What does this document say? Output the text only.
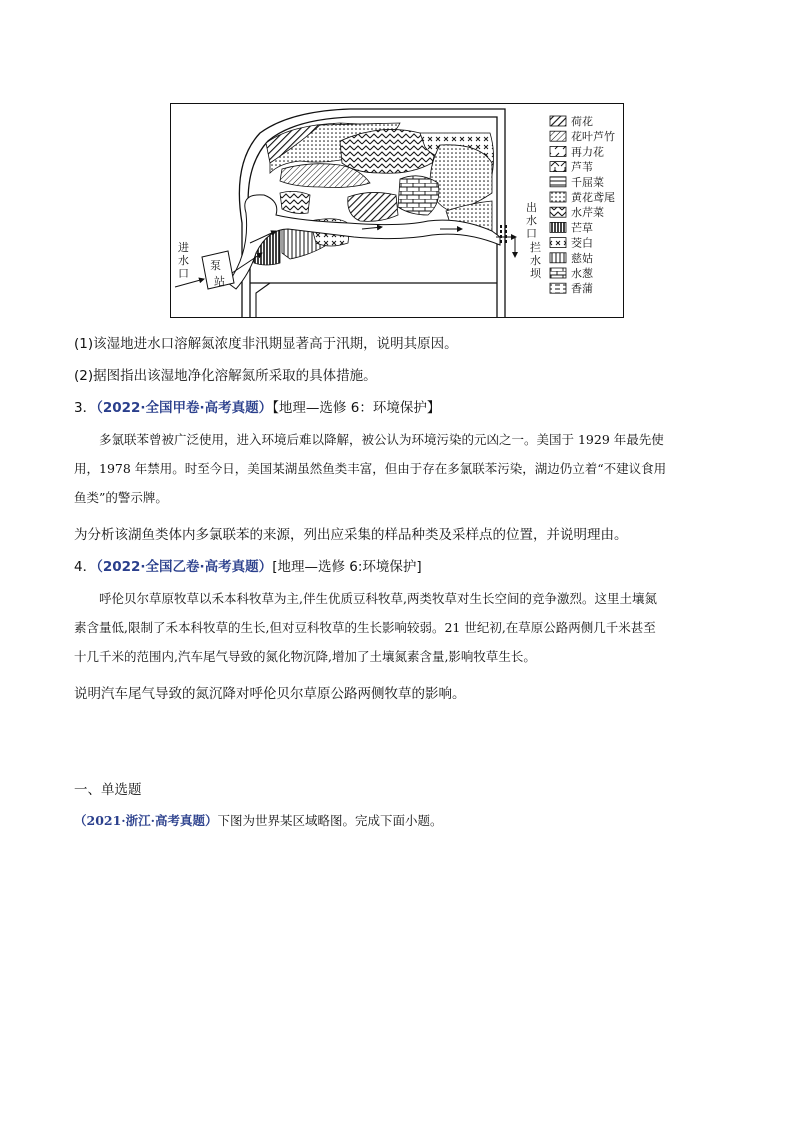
进水口
泵
站
出水口
拦水坝
荷花
花叶芦竹
再力花
芦苇
千屈菜
黄花鸢尾
水芹菜
芒草
茭白
慈姑
水葱
香蒲
(1)该湿地进水口溶解氮浓度非汛期显著高于汛期，说明其原因。
(2)据图指出该湿地净化溶解氮所采取的具体措施。
3．（2022·全国甲卷·高考真题）【地理—选修 6：环境保护】
多氯联苯曾被广泛使用，进入环境后难以降解，被公认为环境污染的元凶之一。美国于 1929 年最先使
用，1978 年禁用。时至今日，美国某湖虽然鱼类丰富，但由于存在多氯联苯污染，湖边仍立着“不建议食用
鱼类”的警示牌。
为分析该湖鱼类体内多氯联苯的来源，列出应采集的样品种类及采样点的位置，并说明理由。
4．（2022·全国乙卷·高考真题）[地理—选修 6:环境保护]
呼伦贝尔草原牧草以禾本科牧草为主,伴生优质豆科牧草,两类牧草对生长空间的竞争激烈。这里土壤氮
素含量低,限制了禾本科牧草的生长,但对豆科牧草的生长影响较弱。21 世纪初,在草原公路两侧几千米甚至
十几千米的范围内,汽车尾气导致的氮化物沉降,增加了土壤氮素含量,影响牧草生长。
说明汽车尾气导致的氮沉降对呼伦贝尔草原公路两侧牧草的影响。
一、单选题
（2021·浙江·高考真题）下图为世界某区域略图。完成下面小题。
